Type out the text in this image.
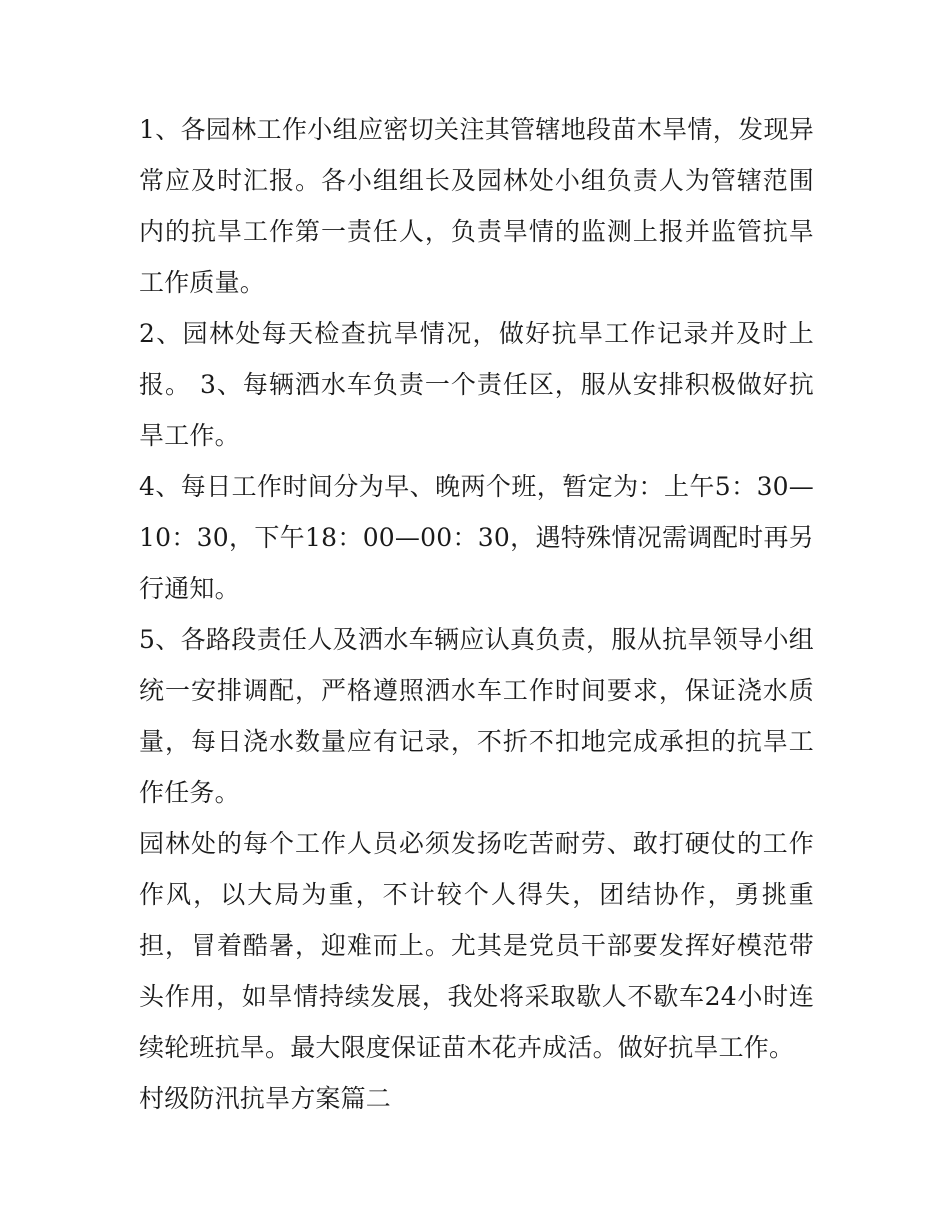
1、各园林工作小组应密切关注其管辖地段苗木旱情，发现异常应及时汇报。各小组组长及园林处小组负责人为管辖范围内的抗旱工作第一责任人，负责旱情的监测上报并监管抗旱工作质量。

2、园林处每天检查抗旱情况，做好抗旱工作记录并及时上报。 3、每辆洒水车负责一个责任区，服从安排积极做好抗旱工作。

4、每日工作时间分为早、晚两个班，暂定为：上午5：30—10：30，下午18：00—00：30，遇特殊情况需调配时再另行通知。

5、各路段责任人及洒水车辆应认真负责，服从抗旱领导小组统一安排调配，严格遵照洒水车工作时间要求，保证浇水质量，每日浇水数量应有记录，不折不扣地完成承担的抗旱工作任务。

园林处的每个工作人员必须发扬吃苦耐劳、敢打硬仗的工作作风，以大局为重，不计较个人得失，团结协作，勇挑重担，冒着酷暑，迎难而上。尤其是党员干部要发挥好模范带头作用，如旱情持续发展，我处将采取歇人不歇车24小时连续轮班抗旱。最大限度保证苗木花卉成活。做好抗旱工作。

村级防汛抗旱方案篇二
